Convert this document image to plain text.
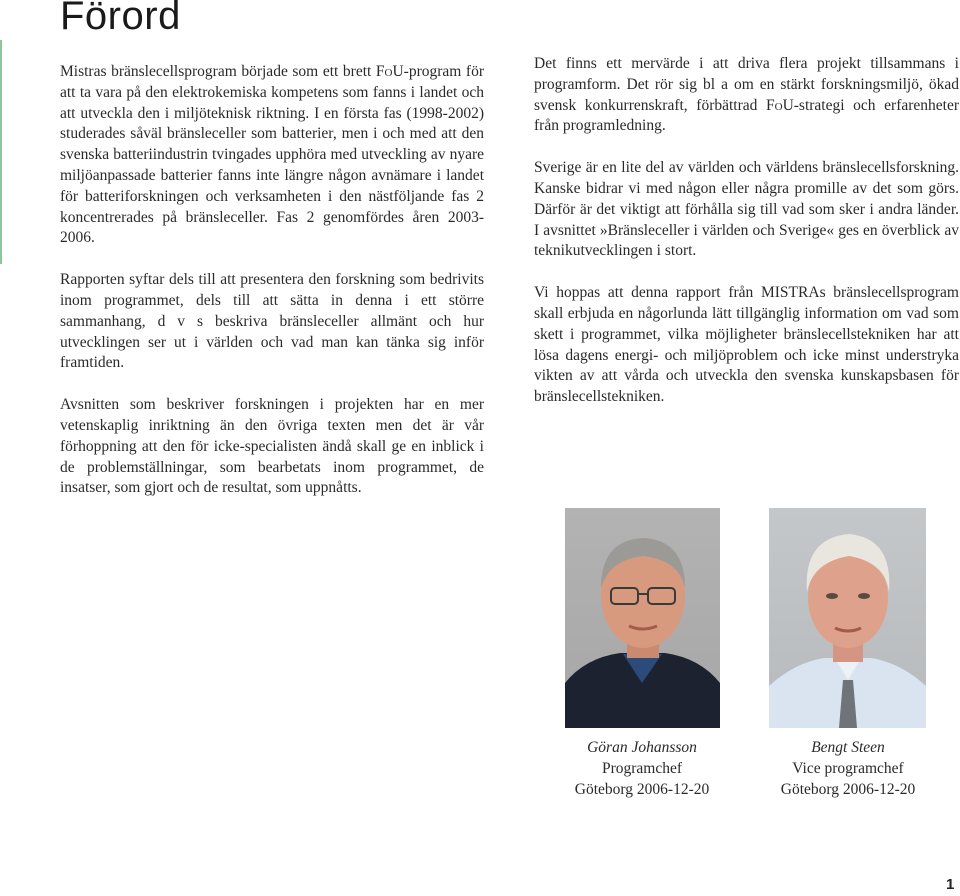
Förord

Mistras bränslecellsprogram började som ett brett FoU-program för att ta vara på den elektrokemiska kompetens som fanns i landet och att utveckla den i miljöteknisk riktning. I en första fas (1998-2002) studerades såväl bränsleceller som batterier, men i och med att den svenska batteriindustrin tvingades upphöra med utveckling av nyare miljöanpassade batterier fanns inte längre någon avnämare i landet för batteriforskningen och verksamheten i den nästföljande fas 2 koncentrerades på bränsleceller. Fas 2 genomfördes åren 2003-2006.

Rapporten syftar dels till att presentera den forskning som bedrivits inom programmet, dels till att sätta in denna i ett större sammanhang, d v s beskriva bränsleceller allmänt och hur utvecklingen ser ut i världen och vad man kan tänka sig inför framtiden.

Avsnitten som beskriver forskningen i projekten har en mer vetenskaplig inriktning än den övriga texten men det är vår förhoppning att den för icke-specialisten ändå skall ge en inblick i de problemställningar, som bearbetats inom programmet, de insatser, som gjort och de resultat, som uppnåtts.

Det finns ett mervärde i att driva flera projekt tillsammans i programform. Det rör sig bl a om en stärkt forskningsmiljö, ökad svensk konkurrenskraft, förbättrad FoU-strategi och erfarenheter från programledning.

Sverige är en lite del av världen och världens bränslecellsforskning. Kanske bidrar vi med någon eller några promille av det som görs. Därför är det viktigt att förhålla sig till vad som sker i andra länder. I avsnittet »Bränsleceller i världen och Sverige« ges en överblick av teknikutvecklingen i stort.

Vi hoppas att denna rapport från MISTRAs bränslecellsprogram skall erbjuda en någorlunda lätt tillgänglig information om vad som skett i programmet, vilka möjligheter bränslecellstekniken har att lösa dagens energi- och miljöproblem och icke minst understryka vikten av att vårda och utveckla den svenska kunskapsbasen för bränslecellstekniken.

Göran Johansson
Programchef
Göteborg 2006-12-20
Bengt Steen
Vice programchef
Göteborg 2006-12-20
1
